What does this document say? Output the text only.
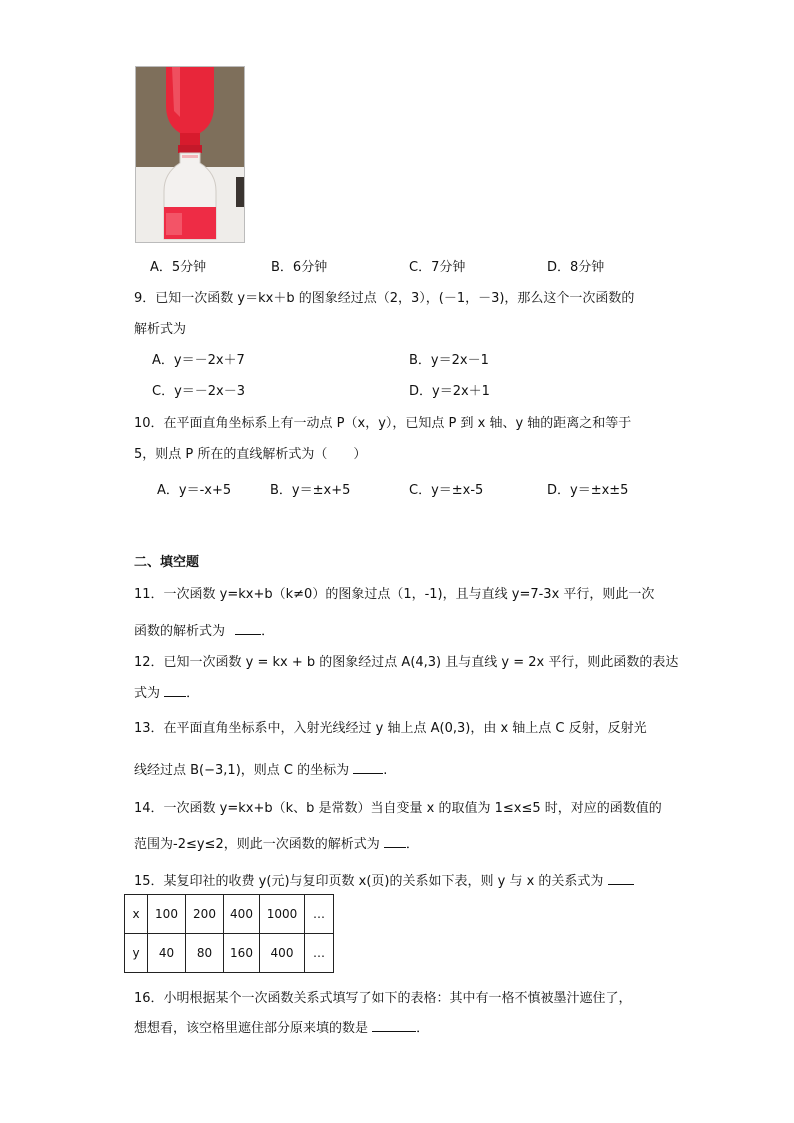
A．5分钟	B．6分钟	C．7分钟	D．8分钟
9．已知一次函数 y＝kx＋b 的图象经过点（2，3），(－1，－3)，那么这个一次函数的
解析式为
A．y＝－2x＋7	B．y＝2x－1
C．y＝－2x－3	D．y＝2x＋1
10．在平面直角坐标系上有一动点 P（x，y），已知点 P 到 x 轴、y 轴的距离之和等于
5，则点 P 所在的直线解析式为（　　）
A．y＝-x+5	B．y＝±x+5	C．y＝±x-5	D．y＝±x±5
二、填空题
11．一次函数 y=kx+b（k≠0）的图象过点（1，-1)，且与直线 y=7-3x 平行，则此一次
函数的解析式为	．
12．已知一次函数 y = kx + b 的图象经过点 A(4,3) 且与直线 y = 2x 平行，则此函数的表达
式为 ．
13．在平面直角坐标系中，入射光线经过 y 轴上点 A(0,3)，由 x 轴上点 C 反射，反射光
线经过点 B(−3,1)，则点 C 的坐标为	.
14．一次函数 y=kx+b（k、b 是常数）当自变量 x 的取值为 1≤x≤5 时，对应的函数值的
范围为-2≤y≤2，则此一次函数的解析式为 ．
15．某复印社的收费 y(元)与复印页数 x(页)的关系如下表，则 y 与 x 的关系式为
x	100	200	400	1000	…
y	40	80	160	400	…
16．小明根据某个一次函数关系式填写了如下的表格：其中有一格不慎被墨汁遮住了，
想想看，该空格里遮住部分原来填的数是	．
